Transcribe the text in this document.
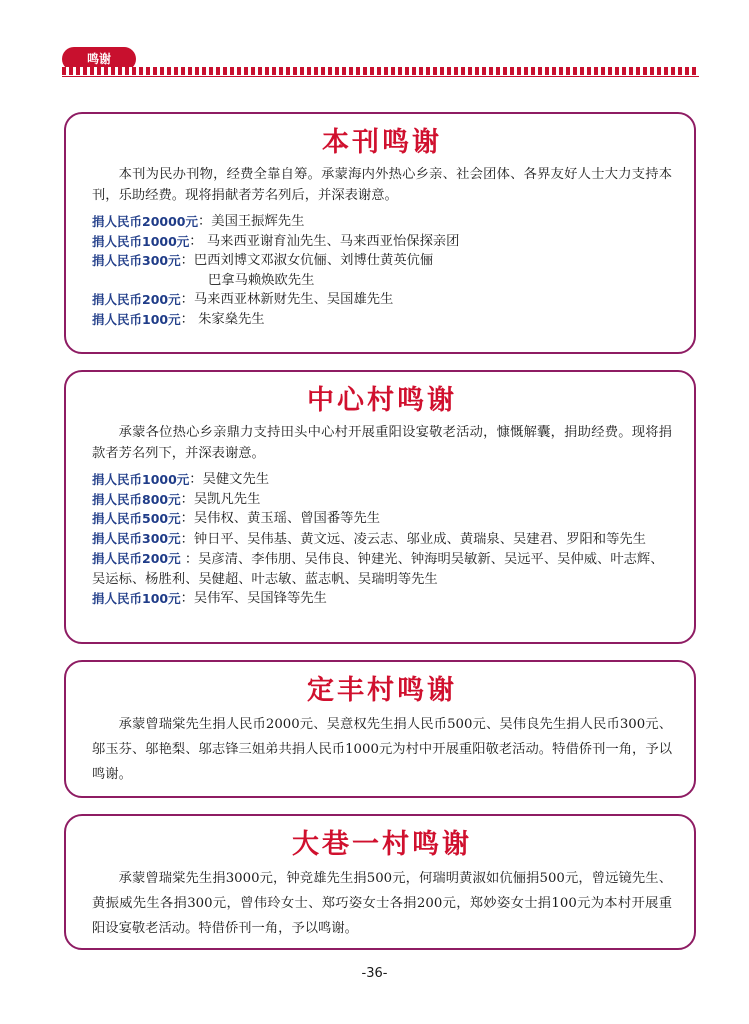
鸣谢
本刊鸣谢

本刊为民办刊物，经费全靠自筹。承蒙海内外热心乡亲、社会团体、各界友好人士大力支持本刊，乐助经费。现将捐献者芳名列后，并深表谢意。

捐人民币20000元 ：美国王振辉先生
捐人民币1000元 ： 马来西亚谢育汕先生、马来西亚怡保探亲团
捐人民币300元 ：巴西刘博文邓淑女伉俪、刘博仕黄英伉俪
巴拿马赖焕欧先生
捐人民币200元 ：马来西亚林新财先生、吴国雄先生
捐人民币100元 ： 朱家燊先生
中心村鸣谢

承蒙各位热心乡亲鼎力支持田头中心村开展重阳设宴敬老活动，慷慨解囊，捐助经费。现将捐款者芳名列下，并深表谢意。

捐人民币1000元 ：吴健文先生
捐人民币800元 ：吴凯凡先生
捐人民币500元 ：吴伟权、黄玉瑶、曾国番等先生
捐人民币300元：钟日平、吴伟基、黄文远、凌云志、邬业成、黄瑞泉、吴建君、罗阳和等先生
捐人民币200元 ：吴彦清、李伟朋、吴伟良、钟建光、钟海明吴敏新、吴远平、吴仲威、叶志辉、吴运标、杨胜利、吴健超、叶志敏、蓝志帆、吴瑞明等先生
捐人民币100元 ：吴伟军、吴国锋等先生
定丰村鸣谢

承蒙曾瑞棠先生捐人民币2000元、吴意权先生捐人民币500元、吴伟良先生捐人民币300元、邬玉芬、邬艳梨、邬志锋三姐弟共捐人民币1000元为村中开展重阳敬老活动。特借侨刊一角，予以鸣谢。

大巷一村鸣谢

承蒙曾瑞棠先生捐3000元，钟竞雄先生捐500元，何瑞明黄淑如伉俪捐500元，曾远镜先生、黄振威先生各捐300元，曾伟玲女士、郑巧姿女士各捐200元，郑妙姿女士捐100元为本村开展重阳设宴敬老活动。特借侨刊一角，予以鸣谢。

-36-
